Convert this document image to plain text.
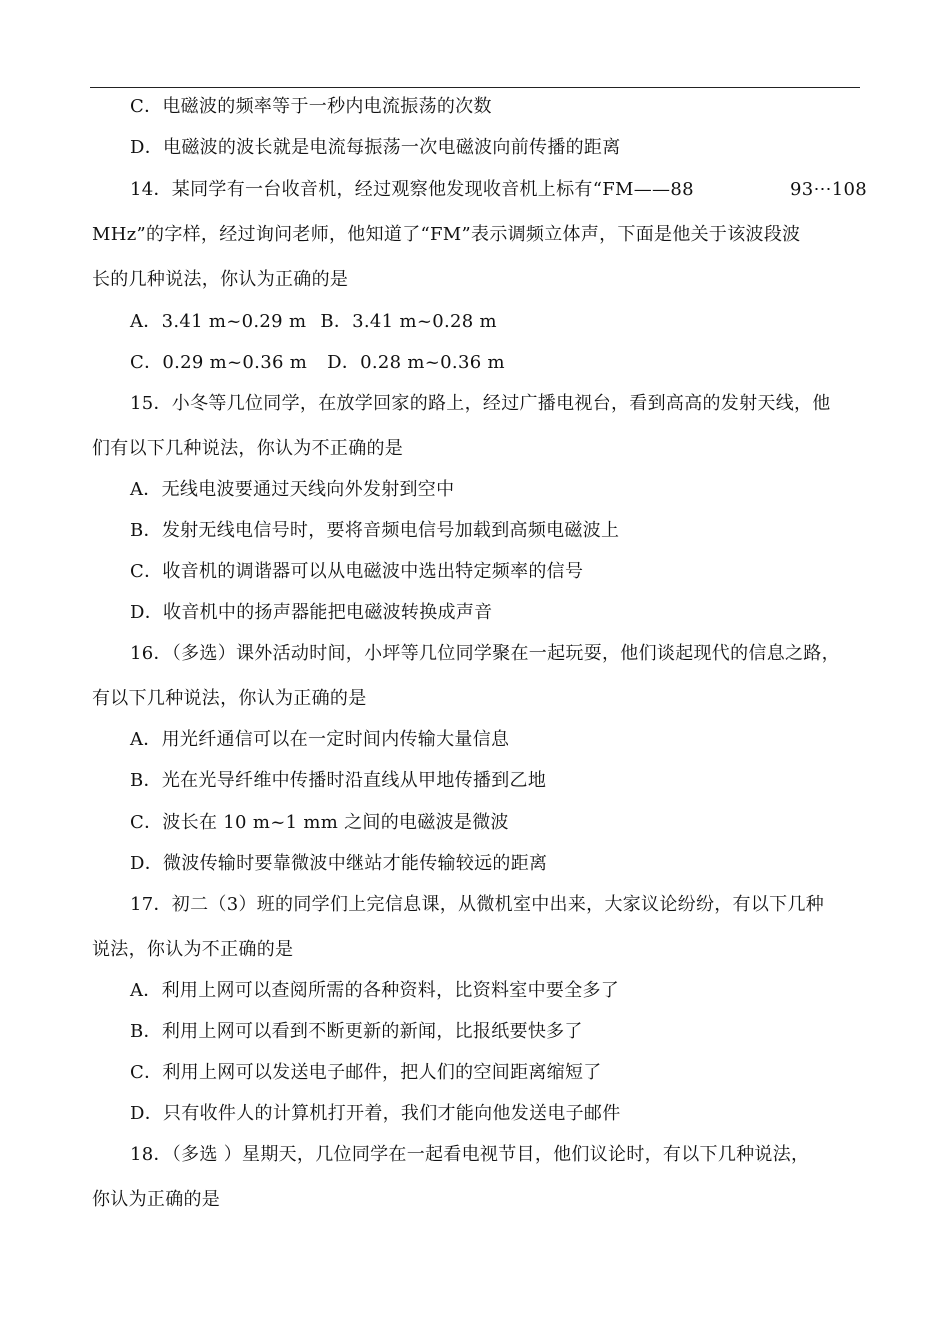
C．电磁波的频率等于一秒内电流振荡的次数
D．电磁波的波长就是电流每振荡一次电磁波向前传播的距离
14．某同学有一台收音机，经过观察他发现收音机上标有“FM——88	93⋯108
MHz”的字样，经过询问老师，他知道了“FM”表示调频立体声，下面是他关于该波段波
长的几种说法，你认为正确的是
A．3.41 m~0.29 m B．3.41 m~0.28 m
C．0.29 m~0.36 m D．0.28 m~0.36 m
15．小冬等几位同学，在放学回家的路上，经过广播电视台，看到高高的发射天线，他
们有以下几种说法，你认为不正确的是
A．无线电波要通过天线向外发射到空中
B．发射无线电信号时，要将音频电信号加载到高频电磁波上
C．收音机的调谐器可以从电磁波中选出特定频率的信号
D．收音机中的扬声器能把电磁波转换成声音
16．（多选）课外活动时间，小坪等几位同学聚在一起玩耍，他们谈起现代的信息之路，
有以下几种说法，你认为正确的是
A．用光纤通信可以在一定时间内传输大量信息
B．光在光导纤维中传播时沿直线从甲地传播到乙地
C．波长在 10 m~1 mm 之间的电磁波是微波
D．微波传输时要靠微波中继站才能传输较远的距离
17．初二（3）班的同学们上完信息课，从微机室中出来，大家议论纷纷，有以下几种
说法，你认为不正确的是
A．利用上网可以查阅所需的各种资料，比资料室中要全多了
B．利用上网可以看到不断更新的新闻，比报纸要快多了
C．利用上网可以发送电子邮件，把人们的空间距离缩短了
D．只有收件人的计算机打开着，我们才能向他发送电子邮件
18．（多选 ）星期天，几位同学在一起看电视节目，他们议论时，有以下几种说法，
你认为正确的是
